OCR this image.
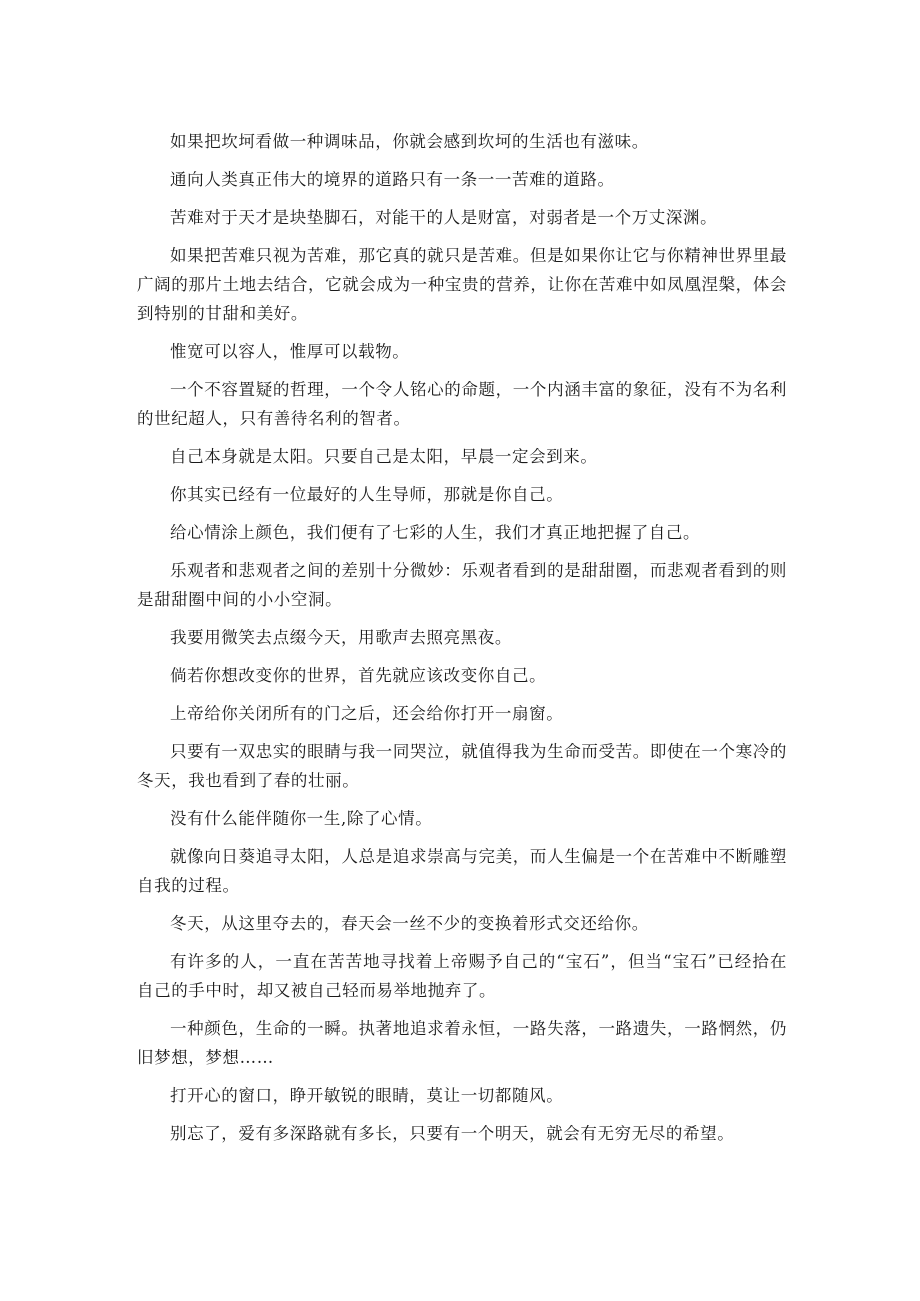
如果把坎坷看做一种调味品，你就会感到坎坷的生活也有滋味。

通向人类真正伟大的境界的道路只有一条一一苦难的道路。

苦难对于天才是块垫脚石，对能干的人是财富，对弱者是一个万丈深渊。

如果把苦难只视为苦难，那它真的就只是苦难。但是如果你让它与你精神世界里最广阔的那片土地去结合，它就会成为一种宝贵的营养，让你在苦难中如凤凰涅槃，体会到特别的甘甜和美好。

惟宽可以容人，惟厚可以载物。

一个不容置疑的哲理，一个令人铭心的命题，一个内涵丰富的象征，没有不为名利的世纪超人，只有善待名利的智者。

自己本身就是太阳。只要自己是太阳，早晨一定会到来。

你其实已经有一位最好的人生导师，那就是你自己。

给心情涂上颜色，我们便有了七彩的人生，我们才真正地把握了自己。

乐观者和悲观者之间的差别十分微妙：乐观者看到的是甜甜圈，而悲观者看到的则是甜甜圈中间的小小空洞。

我要用微笑去点缀今天，用歌声去照亮黑夜。

倘若你想改变你的世界，首先就应该改变你自己。

上帝给你关闭所有的门之后，还会给你打开一扇窗。

只要有一双忠实的眼睛与我一同哭泣，就值得我为生命而受苦。即使在一个寒冷的冬天，我也看到了春的壮丽。

没有什么能伴随你一生,除了心情。

就像向日葵追寻太阳，人总是追求崇高与完美，而人生偏是一个在苦难中不断雕塑自我的过程。

冬天，从这里夺去的，春天会一丝不少的变换着形式交还给你。

有许多的人，一直在苦苦地寻找着上帝赐予自己的“宝石”，但当“宝石”已经拾在自己的手中时，却又被自己轻而易举地抛弃了。

一种颜色，生命的一瞬。执著地追求着永恒，一路失落，一路遗失，一路惘然，仍旧梦想，梦想……

打开心的窗口，睁开敏锐的眼睛，莫让一切都随风。

别忘了，爱有多深路就有多长，只要有一个明天，就会有无穷无尽的希望。
